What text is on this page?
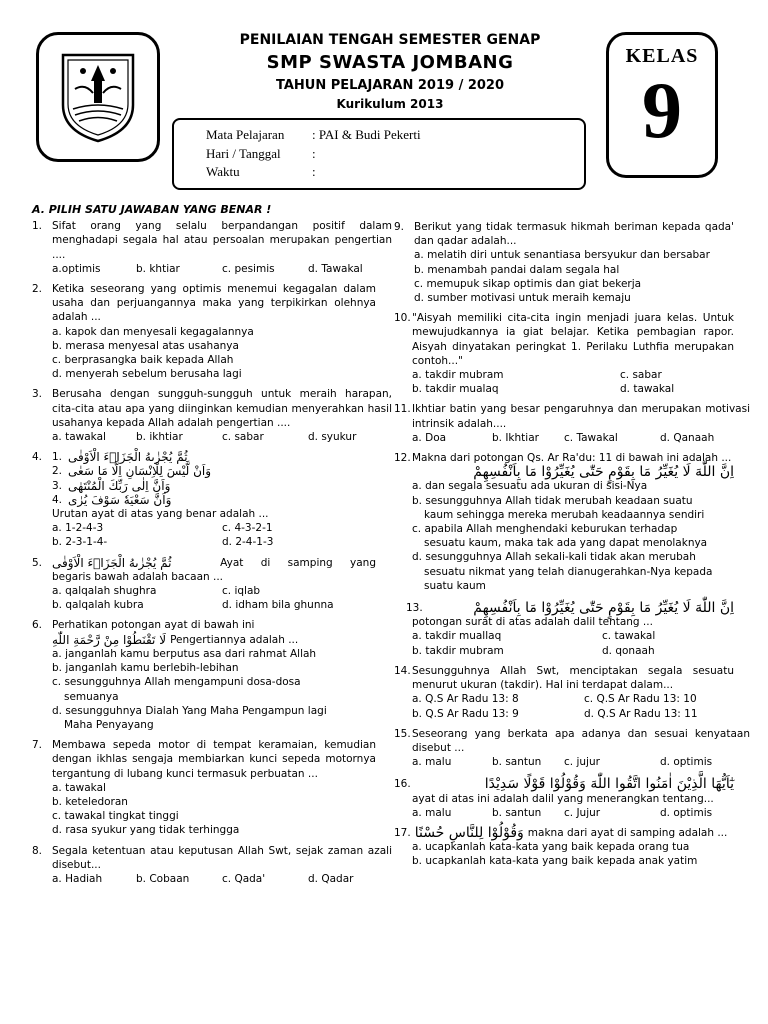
PENILAIAN TENGAH SEMESTER GENAP
SMP SWASTA JOMBANG
TAHUN PELAJARAN 2019 / 2020
Kurikulum 2013
KELAS
9
Mata Pelajaran : PAI & Budi Pekerti
Hari / Tanggal :
Waktu	:
A. PILIH SATU JAWABAN YANG BENAR !
1. Sifat orang yang selalu berpandangan positif dalam menghadapi segala hal atau persoalan merupakan pengertian ....
a.optimis	b. khtiar	c. pesimis	d. Tawakal
2. Ketika seseorang yang optimis menemui kegagalan dalam usaha dan perjuangannya maka yang terpikirkan olehnya adalah ...
a. kapok dan menyesali kegagalannya
b. merasa menyesal atas usahanya
c. berprasangka baik kepada Allah
d. menyerah sebelum berusaha lagi
3. Berusaha dengan sungguh-sungguh untuk meraih harapan, cita-cita atau apa yang diinginkan kemudian menyerahkan hasil usahanya kepada Allah adalah pengertian ....
a. tawakal	b. ikhtiar	c. sabar	d. syukur
4. 1. ثُمَّ يُجْزٰىهُ الْجَزَاۤءَ الْاَوْفٰى
2. وَاَنْ لَّيْسَ لِلْاِنْسَانِ اِلَّا مَا سَعٰى
3. وَاَنَّ اِلٰى رَبِّكَ الْمُنْتَهٰى
4. وَاَنَّ سَعْيَهٗ سَوْفَ يُرٰى
Urutan ayat di atas yang benar adalah ...
a. 1-2-4-3	c. 4-3-2-1
b. 2-3-1-4-	d. 2-4-1-3
5. ثُمَّ يُجْزٰىهُ الْجَزَاۤءَ الْاَوْفٰى	Ayat di samping yang
begaris bawah adalah bacaan ...
a. qalqalah shughra	c. iqlab
b. qalqalah kubra	d. idham bila ghunna
6. Perhatikan potongan ayat di bawah ini
لَا تَقْنَطُوْا مِنْ رَّحْمَةِ اللّٰهِ Pengertiannya adalah ...
a. janganlah kamu berputus asa dari rahmat Allah
b. janganlah kamu berlebih-lebihan
c. sesungguhnya Allah mengampuni dosa-dosa
semuanya
d. sesungguhnya Dialah Yang Maha Pengampun lagi
Maha Penyayang
7. Membawa sepeda motor di tempat keramaian, kemudian dengan ikhlas sengaja membiarkan kunci sepeda motornya tergantung di lubang kunci termasuk perbuatan ...
a. tawakal
b. keteledoran
c. tawakal tingkat tinggi
d. rasa syukur yang tidak terhingga
8. Segala ketentuan atau keputusan Allah Swt, sejak zaman azali disebut...
a. Hadiah	b. Cobaan	c. Qada'	d. Qadar
9. Berikut yang tidak termasuk hikmah beriman kepada qada' dan qadar adalah...
a. melatih diri untuk senantiasa bersyukur dan bersabar
b. menambah pandai dalam segala hal
c. memupuk sikap optimis dan giat bekerja
d. sumber motivasi untuk meraih kemaju
10. "Aisyah memiliki cita-cita ingin menjadi juara kelas. Untuk mewujudkannya ia giat belajar. Ketika pembagian rapor. Aisyah dinyatakan peringkat 1. Perilaku Luthfia merupakan contoh..."
a. takdir mubram	c. sabar
b. takdir mualaq	d. tawakal
11. Ikhtiar batin yang besar pengaruhnya dan merupakan motivasi intrinsik adalah....
a. Doa	b. Ikhtiar	c. Tawakal	d. Qanaah
12. Makna dari potongan Qs. Ar Ra'du: 11 di bawah ini adalah ...
اِنَّ اللّٰهَ لَا يُغَيِّرُ مَا بِقَوْمٍ حَتّٰى يُغَيِّرُوْا مَا بِاَنْفُسِهِمْ
a. dan segala sesuatu ada ukuran di sisi-Nya
b. sesungguhnya Allah tidak merubah keadaan suatu
kaum sehingga mereka merubah keadaannya sendiri
c. apabila Allah menghendaki keburukan terhadap
sesuatu kaum, maka tak ada yang dapat menolaknya
d. sesungguhnya Allah sekali-kali tidak akan merubah
sesuatu nikmat yang telah dianugerahkan-Nya kepada
suatu kaum
13.	اِنَّ اللّٰهَ لَا يُغَيِّرُ مَا بِقَوْمٍ حَتّٰى يُغَيِّرُوْا مَا بِاَنْفُسِهِمْ
potongan surat di atas adalah dalil tentang ...
a. takdir muallaq	c. tawakal
b. takdir mubram	d. qonaah
14. Sesungguhnya Allah Swt, menciptakan segala sesuatu menurut ukuran (takdir). Hal ini terdapat dalam...
a. Q.S Ar Radu 13: 8	c. Q.S Ar Radu 13: 10
b. Q.S Ar Radu 13: 9	d. Q.S Ar Radu 13: 11
15. Seseorang yang berkata apa adanya dan sesuai kenyataan disebut ...
a. malu	b. santun	c. jujur	d. optimis
16.	يٰٓاَيُّهَا الَّذِيْنَ اٰمَنُوا اتَّقُوا اللّٰهَ وَقُوْلُوْا قَوْلًا سَدِيْدًا
ayat di atas ini adalah dalil yang menerangkan tentang...
a. malu	b. santun	c. Jujur	d. optimis
17. وَقُوْلُوْا لِلنَّاسِ حُسْنًا makna dari ayat di samping adalah ...
a. ucapkanlah kata-kata yang baik kepada orang tua
b. ucapkanlah kata-kata yang baik kepada anak yatim
